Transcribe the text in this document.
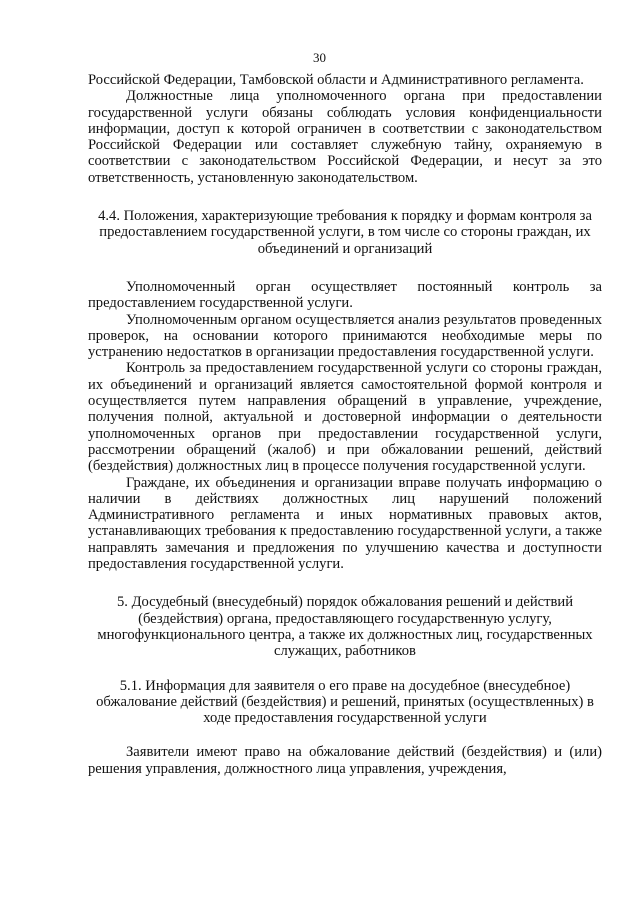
30

Российской Федерации, Тамбовской области и Административного регламента.

Должностные лица уполномоченного органа при предоставлении государственной услуги обязаны соблюдать условия конфиденциальности информации, доступ к которой ограничен в соответствии с законодательством Российской Федерации или составляет служебную тайну, охраняемую в соответствии с законодательством Российской Федерации, и несут за это ответственность, установленную законодательством.

4.4. Положения, характеризующие требования к порядку и формам контроля за предоставлением государственной услуги, в том числе со стороны граждан, их объединений и организаций

Уполномоченный орган осуществляет постоянный контроль за предоставлением государственной услуги.

Уполномоченным органом осуществляется анализ результатов проведенных проверок, на основании которого принимаются необходимые меры по устранению недостатков в организации предоставления государственной услуги.

Контроль за предоставлением государственной услуги со стороны граждан, их объединений и организаций является самостоятельной формой контроля и осуществляется путем направления обращений в управление, учреждение, получения полной, актуальной и достоверной информации о деятельности уполномоченных органов при предоставлении государственной услуги, рассмотрении обращений (жалоб) и при обжаловании решений, действий (бездействия) должностных лиц в процессе получения государственной услуги.

Граждане, их объединения и организации вправе получать информацию о наличии в действиях должностных лиц нарушений положений Административного регламента и иных нормативных правовых актов, устанавливающих требования к предоставлению государственной услуги, а также направлять замечания и предложения по улучшению качества и доступности предоставления государственной услуги.

5. Досудебный (внесудебный) порядок обжалования решений и действий (бездействия) органа, предоставляющего государственную услугу, многофункционального центра, а также их должностных лиц, государственных служащих, работников

5.1. Информация для заявителя о его праве на досудебное (внесудебное) обжалование действий (бездействия) и решений, принятых (осуществленных) в ходе предоставления государственной услуги

Заявители имеют право на обжалование действий (бездействия) и (или) решения управления, должностного лица управления, учреждения,
